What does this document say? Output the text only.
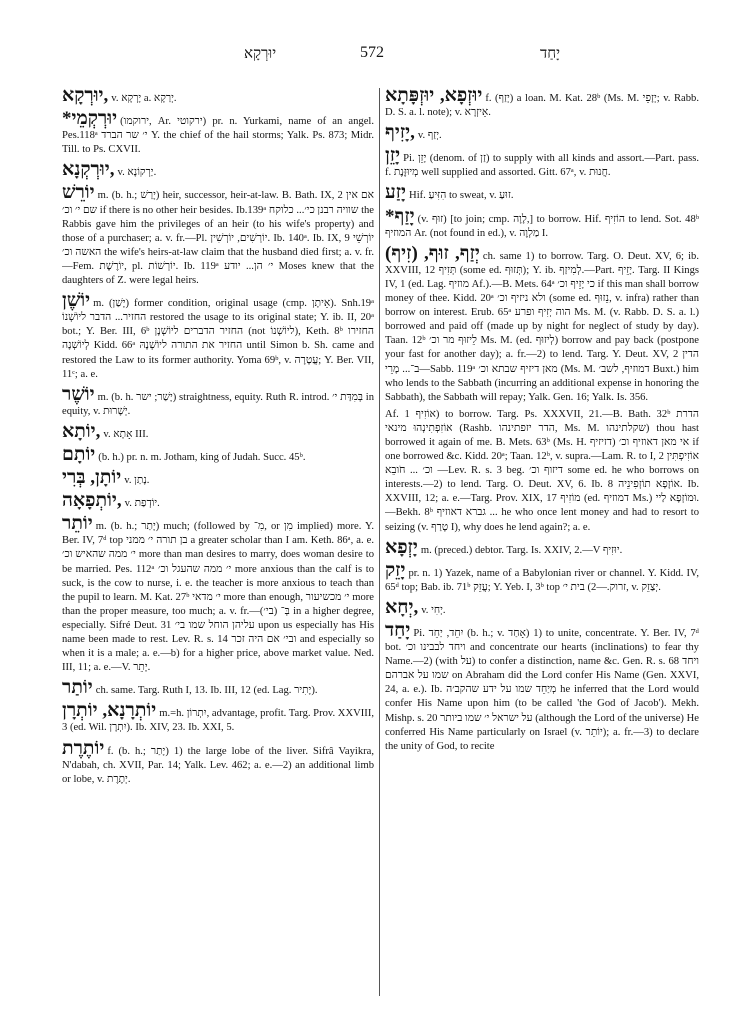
יוּרְקָא	572	יָחַד
יוּרְקָא, v. יָרְקָא a. יְרַקָא.
*יוּרְקְמֵי (ירוקמו, Ar. ירקוטי) pr. n. Yurkami, name of an angel. Pes.118ᵃ י׳ שר הברד Y. the chief of the hail storms; Yalk. Ps. 873; Midr. Till. to Ps. CXVII.
יוּרְקְנָא, v. יַרְקוֹנָא.
יוֹרֵשׁ m. (b. h.; יָרַשׁ) heir, successor, heir-at-law. B. Bath. IX, 2 אם אין שם י׳ וכ׳ if there is no other heir besides. Ib.139ᵃ שוויה רבנן כי׳... כלוקח the Rabbis gave him the privileges of an heir (to his wife's property) and those of a purchaser; a. v. fr.—Pl. יוֹרְשִׁים, יוֹרְשִׁין. Ib. 140ᵃ. Ib. IX, 9 יוֹרְשֵׁי האשה וכ׳ the wife's heirs-at-law claim that the husband died first; a. v. fr.—Fem. יוֹרֶשֶׁת, pl. יוֹרְשׁוֹת. Ib. 119ᵃ י׳ הן... יודע Moses knew that the daughters of Z. were legal heirs.
יוֹשֶׁן m. (יָשַׁן) former condition, original usage (cmp. אֵיתָן). Snh.19ᵃ החזיר... הדבר ליוֹשְׁנוֹ restored the usage to its original state; Y. ib. II, 20ᵃ bot.; Y. Ber. III, 6ᵇ החזיר הדברים ליוֹשְׁנָן (not ליוֹשְׁנוֹ), Keth. 8ᵇ החזירו לְיוֹשְׁנָה Kidd. 66ᵃ החזיר את התורה ליוֹשְׁנָהּ until Simon b. Sh. came and restored the Law to its former authority. Yoma 69ᵇ, v. עֲטָרָה; Y. Ber. VII, 11ᶜ; a. e.
יוֹשֶׁר m. (b. h. יָשַׁר; ישר) straightness, equity. Ruth R. introd. בְּמִדַּת י׳ in equity, v. יְשָׁרוּת.
יוֹתָא, v. אָתָא III.
יוֹתָם (b. h.) pr. n. m. Jotham, king of Judah. Succ. 45ᵇ.
יוֹתָן, בְּרִי v. נָתַן.
יוֹתְפָאָה, v. יוֹדְפַת.
יוֹתֵר m. (b. h.; יָתַר) much; (followed by מִ־, or מִן implied) more. Y. Ber. IV, 7ᵈ top בן תורה י׳ ממני a greater scholar than I am. Keth. 86ᵃ, a. e. י׳ ממה שהאיש וכ׳ more than man desires to marry, does woman desire to be married. Pes. 112ᵃ י׳ ממה שהעגל וכ׳ more anxious than the calf is to suck, is the cow to nurse, i. e. the teacher is more anxious to teach than the pupil to learn. M. Kat. 27ᵇ י׳ מדאי more than enough, י׳ מכשיעור more than the proper measure, too much; a. v. fr.—בְּ־ (בי׳) in a higher degree, especially. Sifré Deut. 31 עליהן הוחל שמו בי׳ upon us especially has His name been made to rest. Lev. R. s. 14 ובי׳ אם היה זכר and especially so when it is a male; a. e.—b) for a higher price, above market value. Ned. III, 11; a. e.—V. יָתֵר.
יוֹתַר ch. same. Targ. Ruth I, 13. Ib. III, 12 (ed. Lag. יָתִיר).
יוֹתְרָנָא, יוֹתְרָן m.=h. יִתְרוֹן, advantage, profit. Targ. Prov. XXVIII, 3 (ed. Wil. יִתְרָן). Ib. XIV, 23. Ib. XXI, 5.
יוֹתֶרֶת f. (b. h.; יָתַר) 1) the large lobe of the liver. Sifrâ Vayikra, N'dabah, ch. XVII, Par. 14; Yalk. Lev. 462; a. e.—2) an additional limb or lobe, v. יְתֶרֶת.
יוּזְפָא, יוּזְפָּתָא f. (יְזַף) a loan. M. Kat. 28ᵇ (Ms. M. יְזָפֵי; v. Rabb. D. S. a. l. note); v. אֵיזְרָא.
יָזִיף, v. יְזַף.
יָזֵן Pi. יָזֵן (denom. of זַן) to supply with all kinds and assort.—Part. pass. f. מְיוּזֶּנֶת well supplied and assorted. Gitt. 67ᵃ, v. חֲנוּת.
יָזַע Hif. הִזִּיעַ to sweat, v. זוּעַ.
*יָזַף (v. זוּף) [to join; cmp. לָוָה,] to borrow. Hif. הוֹזִיף to lend. Sot. 48ᵇ המוזיף Ar. (not found in ed.), v. מַלְוֶה I.
יְזַף, זוּף, (זִיף) ch. same 1) to borrow. Targ. O. Deut. XV, 6; ib. XXVIII, 12 תְּזִיף (some ed. תְּזוּף); Y. ib. לְמִיזַף.—Part. יָזֵיף. Targ. II Kings IV, 1 (ed. Lag. מוזיף Af.).—B. Mets. 64ᵃ כי יָזֵיף וכ׳ if this man shall borrow money of thee. Kidd. 20ᵃ ולא ניזיף וכ׳ (some ed. נֵזוּף, v. infra) rather than borrow on interest. Erub. 65ᵃ הוה יְזִיף ופרע Ms. M. (v. Rabb. D. S. a. l.) borrowed and paid off (made up by night for neglect of study by day). Taan. 12ᵇ לֵיזוּף מר וכ׳ Ms. M. (ed. לְיזוּף) borrow and pay back (postpone your fast for another day); a. fr.—2) to lend. Targ. Y. Deut. XV, 2 הדין ב־... מָרֵי—Sabb. 119ᵃ מאן דיזיף שבתא וכ׳ (Ms. M. דמוזיף, לשב׳ Buxt.) him who lends to the Sabbath (incurring an additional expense in honoring the Sabbath), the Sabbath will repay; Yalk. Gen. 16; Yalk. Is. 356.
Af. אוֹזִיף 1) to borrow. Targ. Ps. XXXVII, 21.—B. Bath. 32ᵇ הדרת אוֹזִפְתִינְהוּ מינאי (Rashb. הדר יזפתינהו, Ms. M. שקלתינהו) thou hast borrowed it again of me. B. Mets. 63ᵇ (Ms. H. דזיזיף) אי מאן דאוזיף וכ׳ if one borrowed &c. Kidd. 20ᵃ; Taan. 12ᵇ, v. supra.—Lam. R. to I, 2 אוֹזִיפְתִּין וכ׳ ... חֹובֵא —Lev. R. s. 3 beg. דיזוף וכ׳ some ed. he who borrows on interests.—2) to lend. Targ. O. Deut. XV, 6. Ib. 8 אוֹזָפָא תוֹזְפִינֵיה. Ib. XXVIII, 12; a. e.—Targ. Prov. XIX, 17 מוֹזִיף (ed. דמוזיף Ms.) וּמוֹזְפָא לַיי.—Bekh. 8ᵇ גברא דאוזיף ... he who once lent money and had to resort to seizing (v. טָרַף I), why does he lend again?; a. e.
יָזְפָא m. (preced.) debtor. Targ. Is. XXIV, 2.—V יוּזִיף.
יָזֵק pr. n. 1) Yazek, name of a Babylonian river or channel. Y. Kidd. IV, 65ᵈ top; Bab. ib. 71ᵇ עֲזֵק; Y. Yeb. I, 3ᵇ top זרוק.—2) בית י׳, v. יְצַזֵק.
יְחָא, v. יְחִי.
יָחַד Pi. יִחֵד, יַחֵד (b. h.; v. אָחַד) 1) to unite, concentrate. Y. Ber. IV, 7ᵈ bot. ויחד לבבינו וכ׳ and concentrate our hearts (inclinations) to fear thy Name.—2) (with על) to confer a distinction, name &c. Gen. R. s. 68 ויחד שמו על אברהם on Abraham did the Lord confer His Name (Gen. XXVI, 24, a. e.). Ib. מְיַחֵד שמו על ידע שהקב׳ה he inferred that the Lord would confer His Name upon him (to be called 'the God of Jacob'). Mekh. Mishp. s. 20 על ישראל י׳ שמו ביותר (although the Lord of the universe) He conferred His Name particularly on Israel (v. יוֹתֵר); a. fr.—3) to declare the unity of God, to recite
